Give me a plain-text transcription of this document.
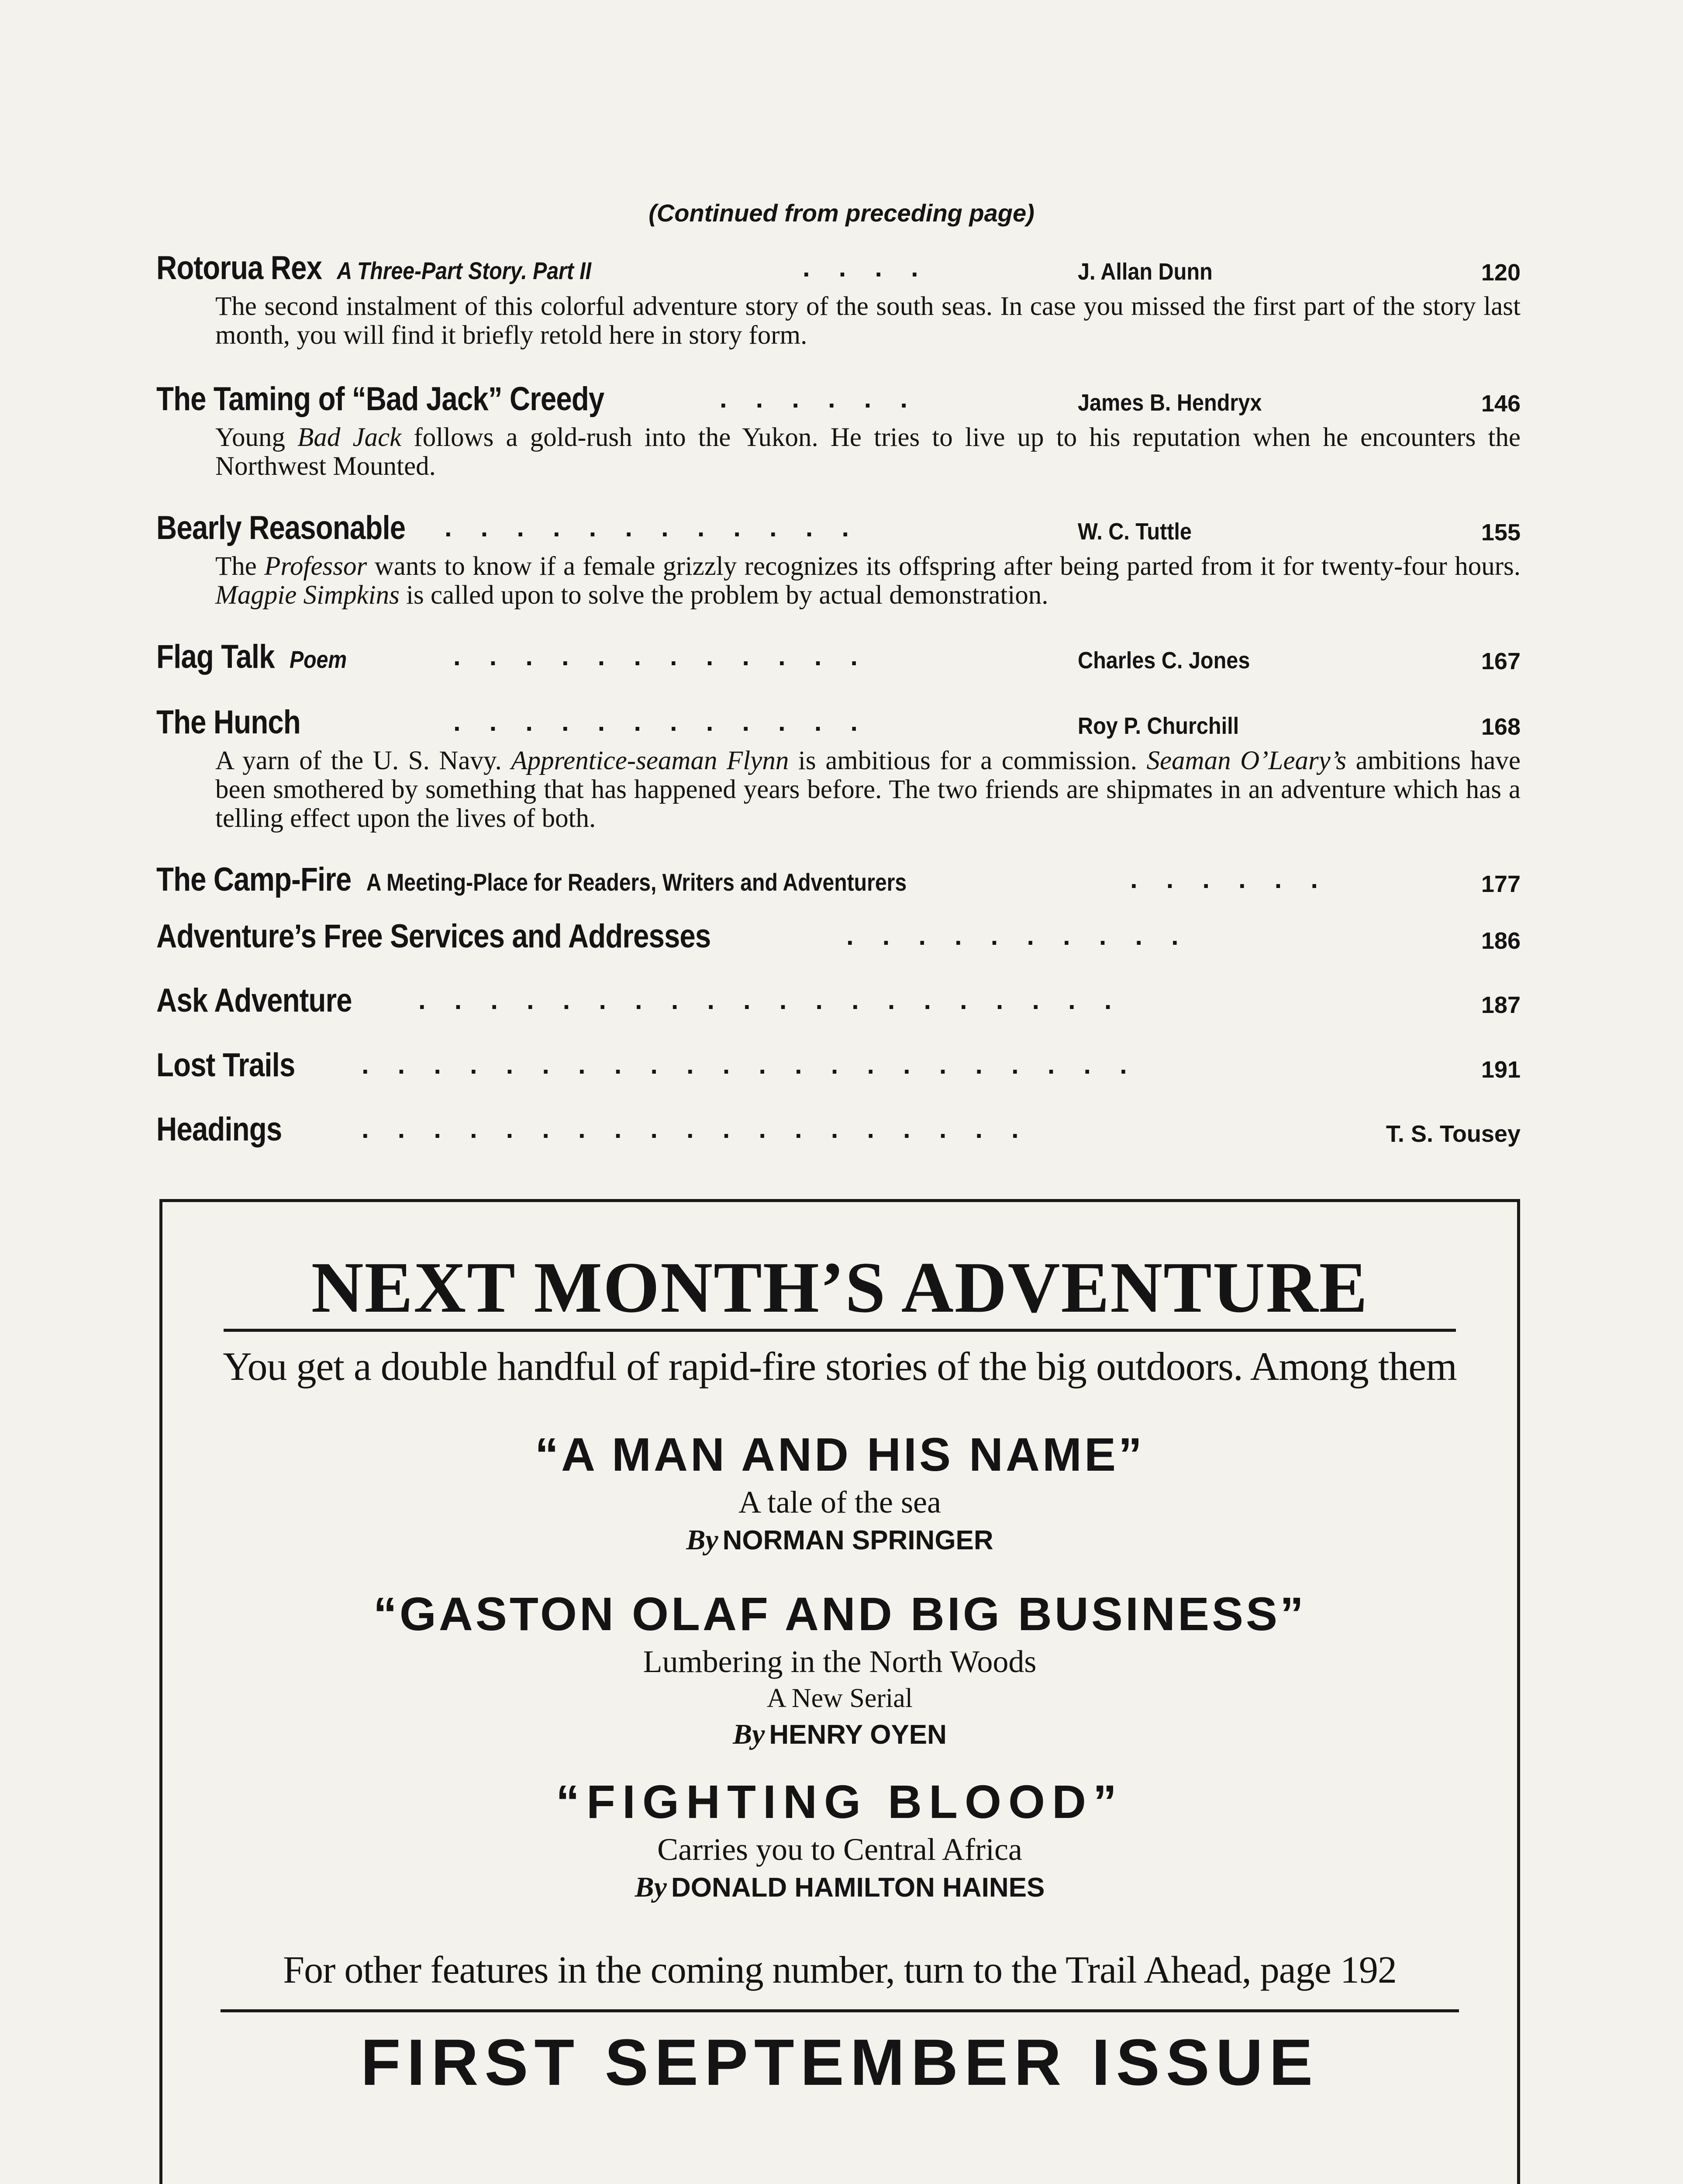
(Continued from preceding page)
Rotorua Rex A Three-Part Story. Part II	....	J. Allan Dunn	120
The second instalment of this colorful adventure story of the south seas. In case you missed the first part of the story last month, you will find it briefly retold here in story form.
The Taming of “Bad Jack” Creedy	......	James B. Hendryx	146
Young Bad Jack follows a gold-rush into the Yukon. He tries to live up to his reputation when he encounters the Northwest Mounted.
Bearly Reasonable ............	W. C. Tuttle	155
The Professor wants to know if a female grizzly recognizes its offspring after being parted from it for twenty-four hours. Magpie Simpkins is called upon to solve the problem by actual demonstration.
Flag Talk Poem	............	Charles C. Jones	167
The Hunch	............	Roy P. Churchill	168
A yarn of the U. S. Navy. Apprentice-seaman Flynn is ambitious for a commission. Seaman O’Leary’s ambitions have been smothered by something that has happened years before. The two friends are shipmates in an adventure which has a telling effect upon the lives of both.
The Camp-Fire A Meeting-Place for Readers, Writers and Adventurers	......	177
Adventure’s Free Services and Addresses	..........	186
Ask Adventure	....................	187
Lost Trails	......................	191
Headings	...................	T. S. Tousey
NEXT MONTH’S ADVENTURE
You get a double handful of rapid-fire stories of the big outdoors. Among them
“A MAN AND HIS NAME”
A tale of the sea
By NORMAN SPRINGER
“GASTON OLAF AND BIG BUSINESS”
Lumbering in the North Woods
A New Serial
By HENRY OYEN
“FIGHTING BLOOD”
Carries you to Central Africa
By DONALD HAMILTON HAINES
For other features in the coming number, turn to the Trail Ahead, page 192
FIRST SEPTEMBER ISSUE
